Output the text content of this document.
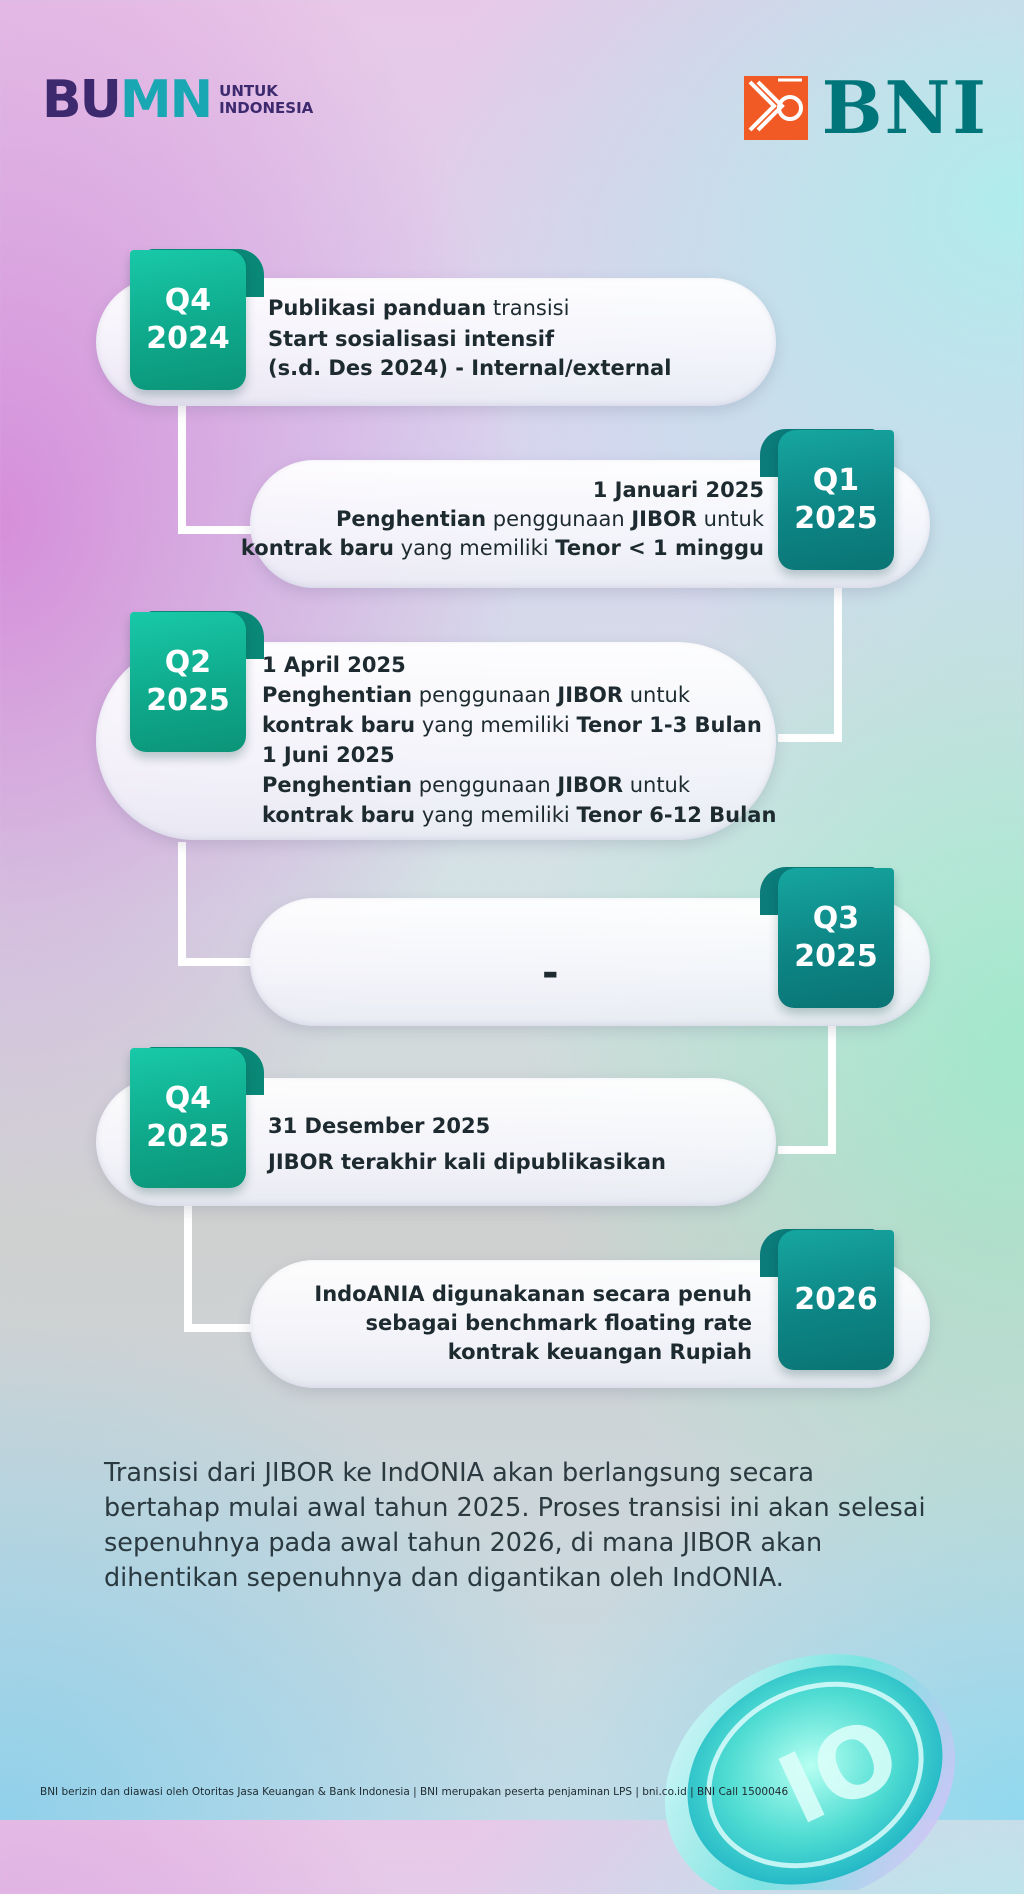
BUMN UNTUK
INDONESIA	BNI
Q4
2024
Publikasi panduan transisi
Start sosialisasi intensif
(s.d. Des 2024) - Internal/external
Q1
2025
1 Januari 2025
Penghentian penggunaan JIBOR untuk
kontrak baru yang memiliki Tenor < 1 minggu
Q2
2025
1 April 2025
Penghentian penggunaan JIBOR untuk
kontrak baru yang memiliki Tenor 1-3 Bulan
1 Juni 2025
Penghentian penggunaan JIBOR untuk
kontrak baru yang memiliki Tenor 6-12 Bulan
Q3
2025
-
Q4
2025 31 Desember 2025
JIBOR terakhir kali dipublikasikan
2026
IndoANIA digunakanan secara penuh
sebagai benchmark floating rate
kontrak keuangan Rupiah
Transisi dari JIBOR ke IndONIA akan berlangsung secara bertahap mulai awal tahun 2025. Proses transisi ini akan selesai sepenuhnya pada awal tahun 2026, di mana JIBOR akan dihentikan sepenuhnya dan digantikan oleh IndONIA.
IO
BNI berizin dan diawasi oleh Otoritas Jasa Keuangan & Bank Indonesia | BNI merupakan peserta penjaminan LPS | bni.co.id | BNI Call 1500046
